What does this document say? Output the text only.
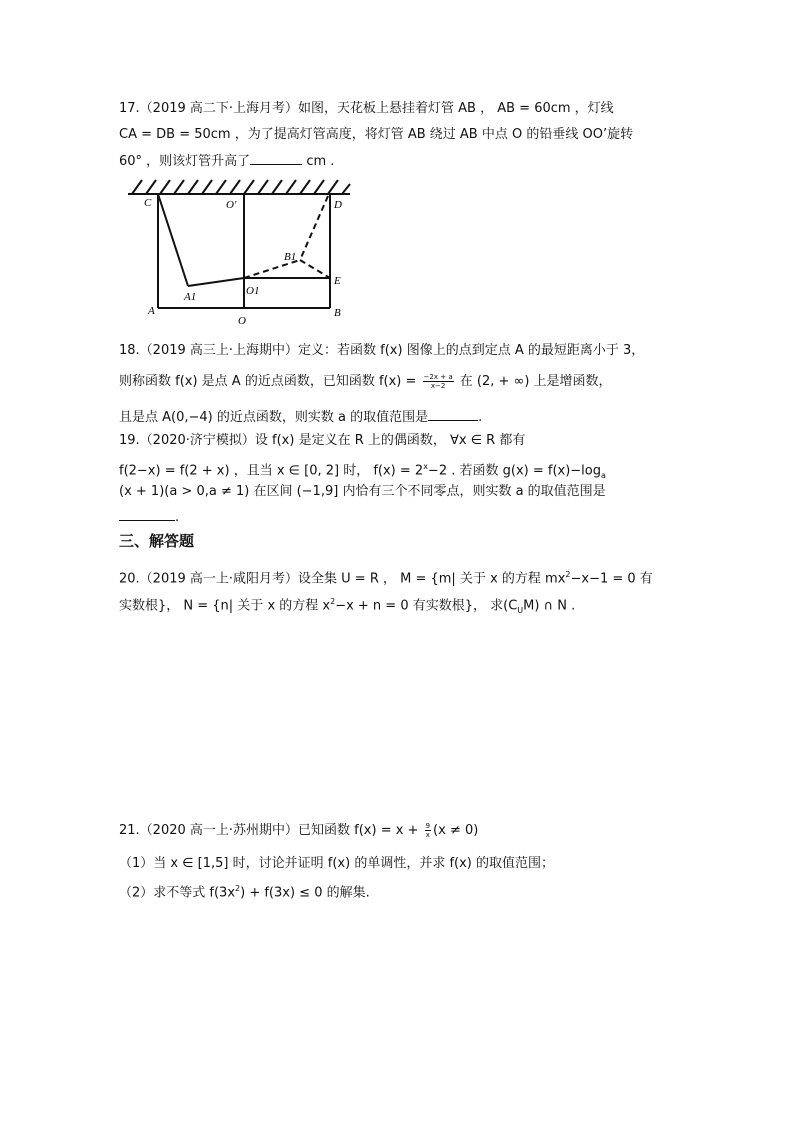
17.（2019 高二下·上海月考）如图，天花板上悬挂着灯管 AB ， AB = 60cm ，灯线
CA = DB = 50cm ，为了提高灯管高度，将灯管 AB 绕过 AB 中点 O 的铅垂线 OO’旋转
60° ，则该灯管升高了	cm .
C	O'	D
B1
E
A1	O1
A
O
B
18.（2019 高三上·上海期中）定义：若函数 f(x) 图像上的点到定点 A 的最短距离小于 3，
则称函数 f(x) 是点 A 的近点函数，已知函数 $f(x) = \frac{-2x + a}{x-2}$ 在 (2, + ∞) 上是增函数，
且是点 A(0,−4) 的近点函数，则实数 a 的取值范围是	.
19.（2020·济宁模拟）设 f(x) 是定义在 R 上的偶函数， ∀x ∈ R 都有
f(2−x) = f(2 + x) ，且当 x ∈ [0, 2] 时， $f(x) = 2^x-2$ . 若函数 $g(x) = f(x)-\log_a$
(x + 1)(a > 0,a ≠ 1) 在区间 (−1,9] 内恰有三个不同零点，则实数 a 的取值范围是
.
三、解答题
20.（2019 高一上·咸阳月考）设全集 U = R ， M = {m| 关于 x 的方程 $mx^2-x-1 = 0$ 有
实数根}， N = {n| 关于 x 的方程 $x^2-x + n = 0$ 有实数根}， 求$(C_UM)$ ∩ N .
21.（2020 高一上·苏州期中）已知函数 $f(x) = x + \frac{9}{x} (x \ne 0)$
（1）当 x ∈ [1,5] 时，讨论并证明 f(x) 的单调性，并求 f(x) 的取值范围；
（2）求不等式 $f(3x^2) + f(3x) \le 0$ 的解集.
